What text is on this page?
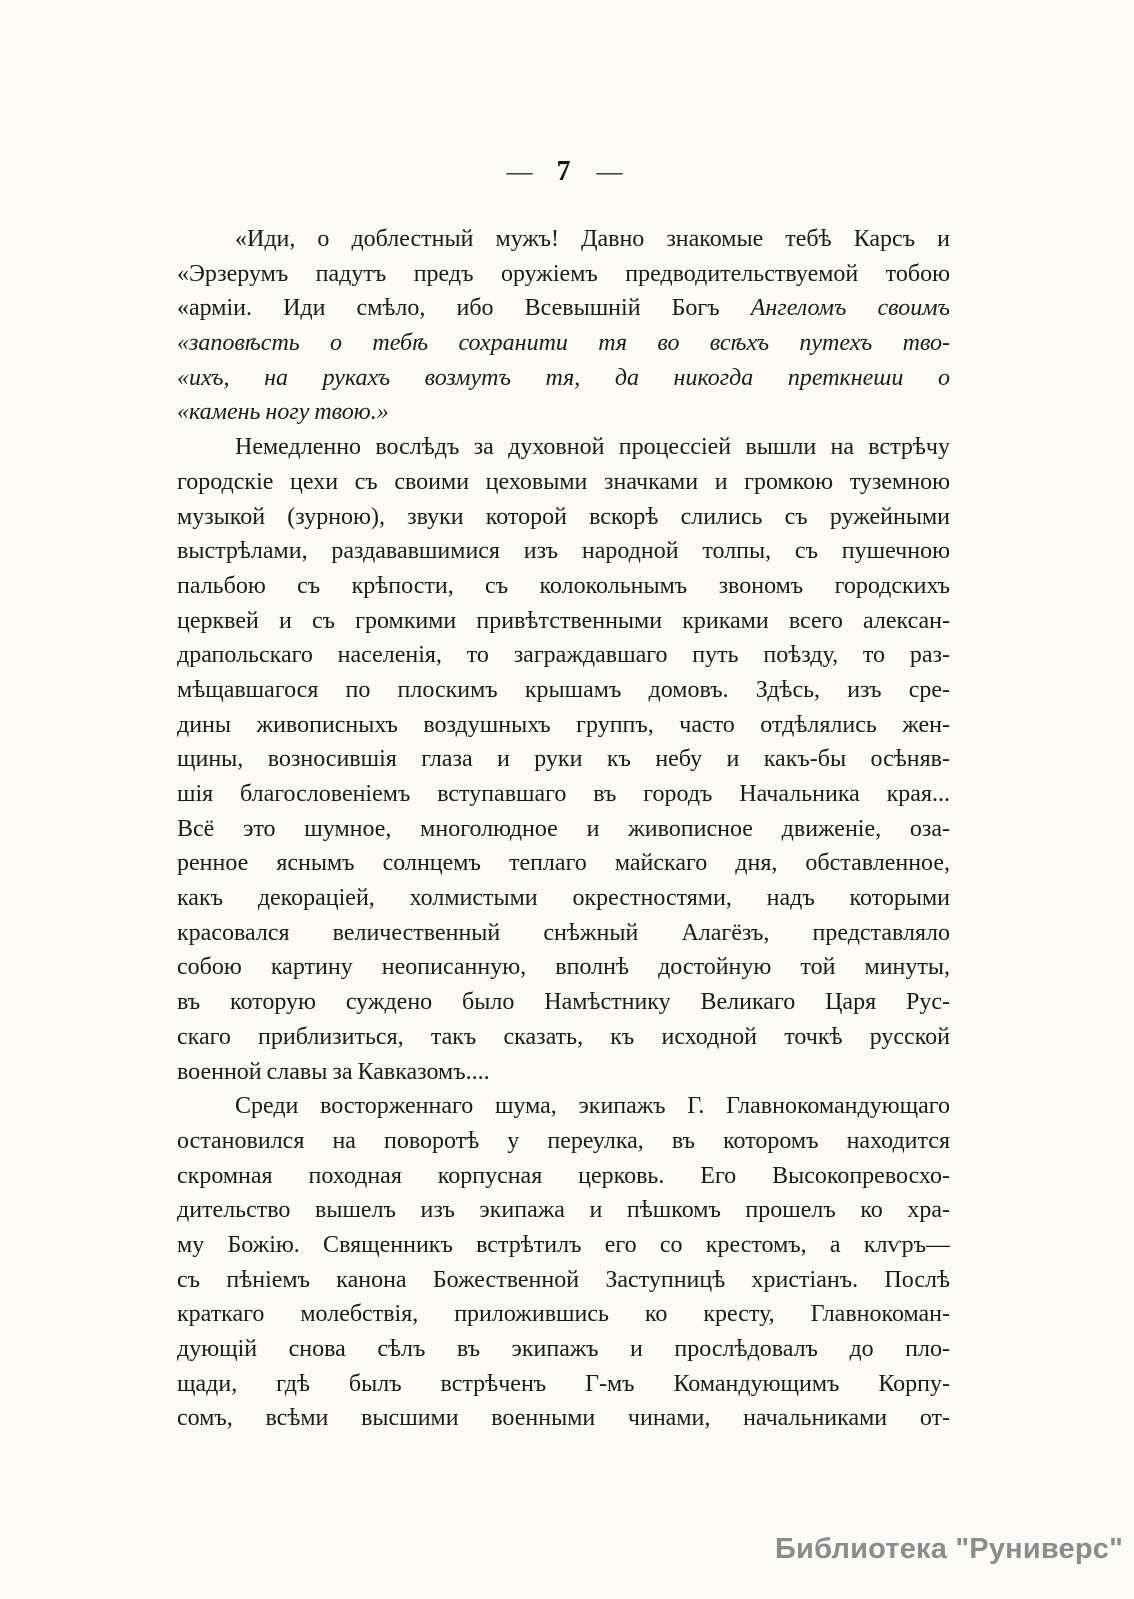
— 7 —
«Иди, о доблестный мужъ! Давно знакомые тебѣ Карсъ и
«Эрзерумъ падутъ предъ оружіемъ предводительствуемой тобою
«арміи. Иди смѣло, ибо Всевышній Богъ Ангеломъ своимъ
«заповѣсть о тебѣ сохранити тя во всѣхъ путехъ тво-
«ихъ, на рукахъ возмутъ тя, да никогда преткнеши о
«камень ногу твою.»
Немедленно вослѣдъ за духовной процессіей вышли на встрѣчу
городскіе цехи съ своими цеховыми значками и громкою туземною
музыкой (зурною), звуки которой вскорѣ слились съ ружейными
выстрѣлами, раздававшимися изъ народной толпы, съ пушечною
пальбою съ крѣпости, съ колокольнымъ звономъ городскихъ
церквей и съ громкими привѣтственными криками всего алексан-
драпольскаго населенія, то заграждавшаго путь поѣзду, то раз-
мѣщавшагося по плоскимъ крышамъ домовъ. Здѣсь, изъ сре-
дины живописныхъ воздушныхъ группъ, часто отдѣлялись жен-
щины, возносившія глаза и руки къ небу и какъ-бы осѣняв-
шія благословеніемъ вступавшаго въ городъ Начальника края...
Всё это шумное, многолюдное и живописное движеніе, оза-
ренное яснымъ солнцемъ теплаго майскаго дня, обставленное,
какъ декораціей, холмистыми окрестностями, надъ которыми
красовался величественный снѣжный Алагёзъ, представляло
собою картину неописанную, вполнѣ достойную той минуты,
въ которую суждено было Намѣстнику Великаго Царя Рус-
скаго приблизиться, такъ сказать, къ исходной точкѣ русской
военной славы за Кавказомъ....
Среди восторженнаго шума, экипажъ Г. Главнокомандующаго
остановился на поворотѣ у переулка, въ которомъ находится
скромная походная корпусная церковь. Его Высокопревосхо-
дительство вышелъ изъ экипажа и пѣшкомъ прошелъ ко хра-
му Божію. Священникъ встрѣтилъ его со крестомъ, а клѵръ—
съ пѣніемъ канона Божественной Заступницѣ христіанъ. Послѣ
краткаго молебствія, приложившись ко кресту, Главнокоман-
дующій снова сѣлъ въ экипажъ и прослѣдовалъ до пло-
щади, гдѣ былъ встрѣченъ Г-мъ Командующимъ Корпу-
сомъ, всѣми высшими военными чинами, начальниками от-
Библиотека "Руниверс"
